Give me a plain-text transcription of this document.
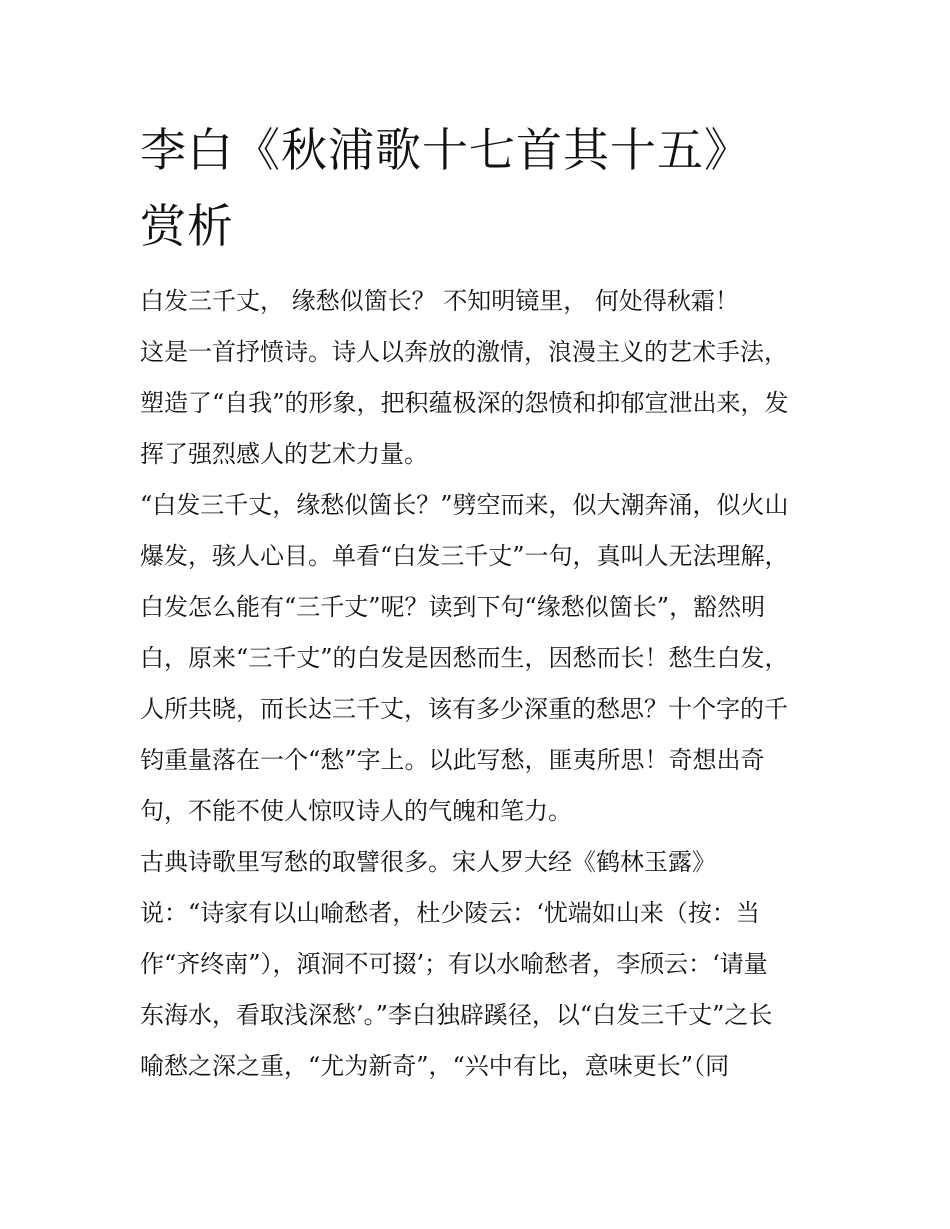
李白《秋浦歌十七首其十五》
赏析
白发三千丈， 缘愁似箇长？ 不知明镜里， 何处得秋霜！
这是一首抒愤诗。诗人以奔放的激情，浪漫主义的艺术手法，
塑造了“自我”的形象，把积蕴极深的怨愤和抑郁宣泄出来，发
挥了强烈感人的艺术力量。
“白发三千丈，缘愁似箇长？”劈空而来，似大潮奔涌，似火山
爆发，骇人心目。单看“白发三千丈”一句，真叫人无法理解，
白发怎么能有“三千丈”呢？读到下句“缘愁似箇长”，豁然明
白，原来“三千丈”的白发是因愁而生，因愁而长！愁生白发，
人所共晓，而长达三千丈，该有多少深重的愁思？十个字的千
钧重量落在一个“愁”字上。以此写愁，匪夷所思！奇想出奇
句，不能不使人惊叹诗人的气魄和笔力。
古典诗歌里写愁的取譬很多。宋人罗大经《鹤林玉露》
说：“诗家有以山喻愁者，杜少陵云：‘忧端如山来（按：当
作“齐终南”），澒洞不可掇’；有以水喻愁者，李颀云：‘请量
东海水，看取浅深愁’。”李白独辟蹊径，以“白发三千丈”之长
喻愁之深之重，“尤为新奇”，“兴中有比，意味更长”（同
